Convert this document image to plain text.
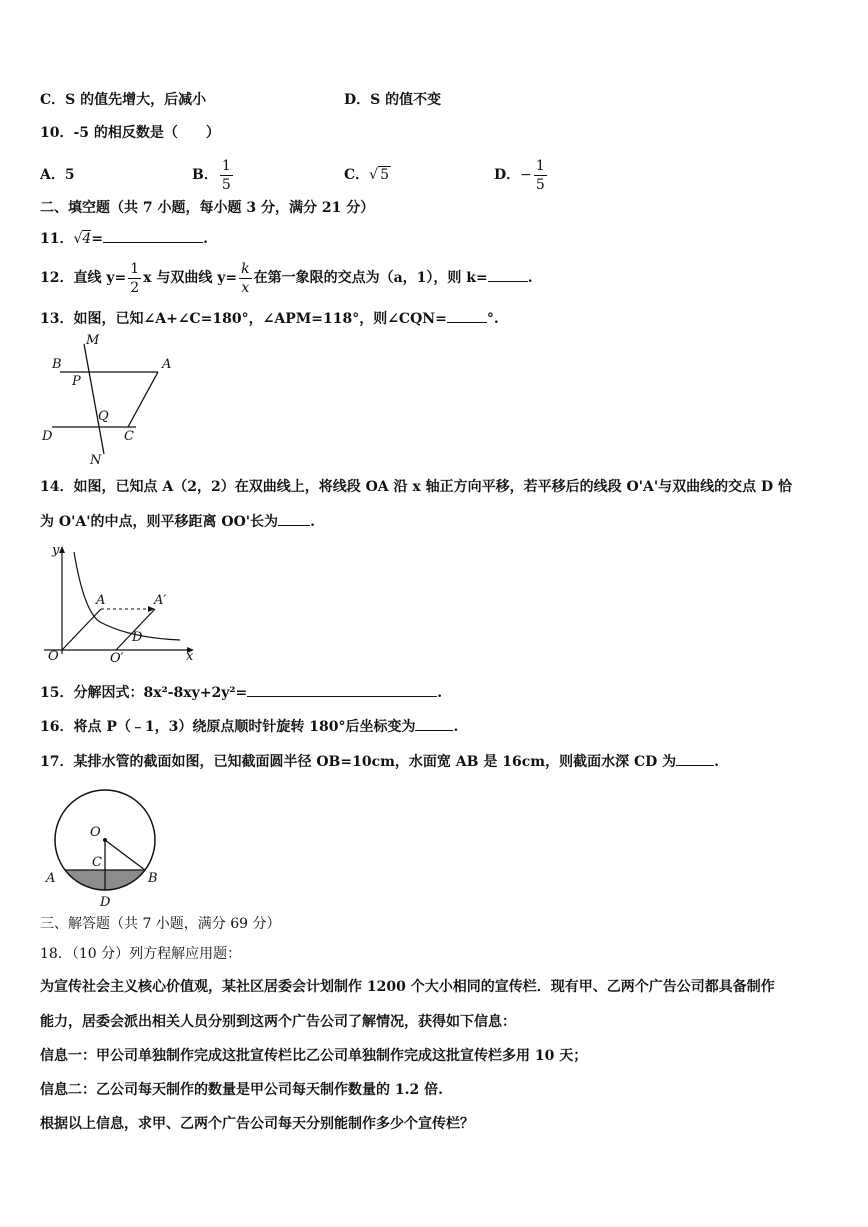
C．S 的值先增大，后减小	D．S 的值不变
10．-5 的相反数是（　　）
A．5	B． $\frac{1}{5}$	C．√ 5	D．− $\frac{1}{5}$
二、填空题（共 7 小题，每小题 3 分，满分 21 分）
11．√4=	.
12．直线 $y= \frac{1}{2}$ x 与双曲线 $y= \frac{k}{x}$ 在第一象限的交点为（a，1），则 k=	.
13．如图，已知∠A+∠C=180°，∠APM=118°，则∠CQN=	°.
M
B	A
P
Q
D	C
N
14．如图，已知点 A（2，2）在双曲线上，将线段 OA 沿 x 轴正方向平移，若平移后的线段 O'A'与双曲线的交点 D 恰
为 O'A'的中点，则平移距离 OO'长为 .
y
A	A′
D
O	O′	x
15．分解因式：8x²-8xy+2y²=	.
16．将点 P（﹣1，3）绕原点顺时针旋转 180°后坐标变为	.
17．某排水管的截面如图，已知截面圆半径 OB=10cm，水面宽 AB 是 16cm，则截面水深 CD 为	.
O
C
A	B
D
三、解答题（共 7 小题，满分 69 分）
18．（10 分）列方程解应用题：
为宣传社会主义核心价值观，某社区居委会计划制作 1200 个大小相同的宣传栏．现有甲、乙两个广告公司都具备制作
能力，居委会派出相关人员分别到这两个广告公司了解情况，获得如下信息：
信息一：甲公司单独制作完成这批宣传栏比乙公司单独制作完成这批宣传栏多用 10 天；
信息二：乙公司每天制作的数量是甲公司每天制作数量的 1.2 倍.
根据以上信息，求甲、乙两个广告公司每天分别能制作多少个宣传栏？
